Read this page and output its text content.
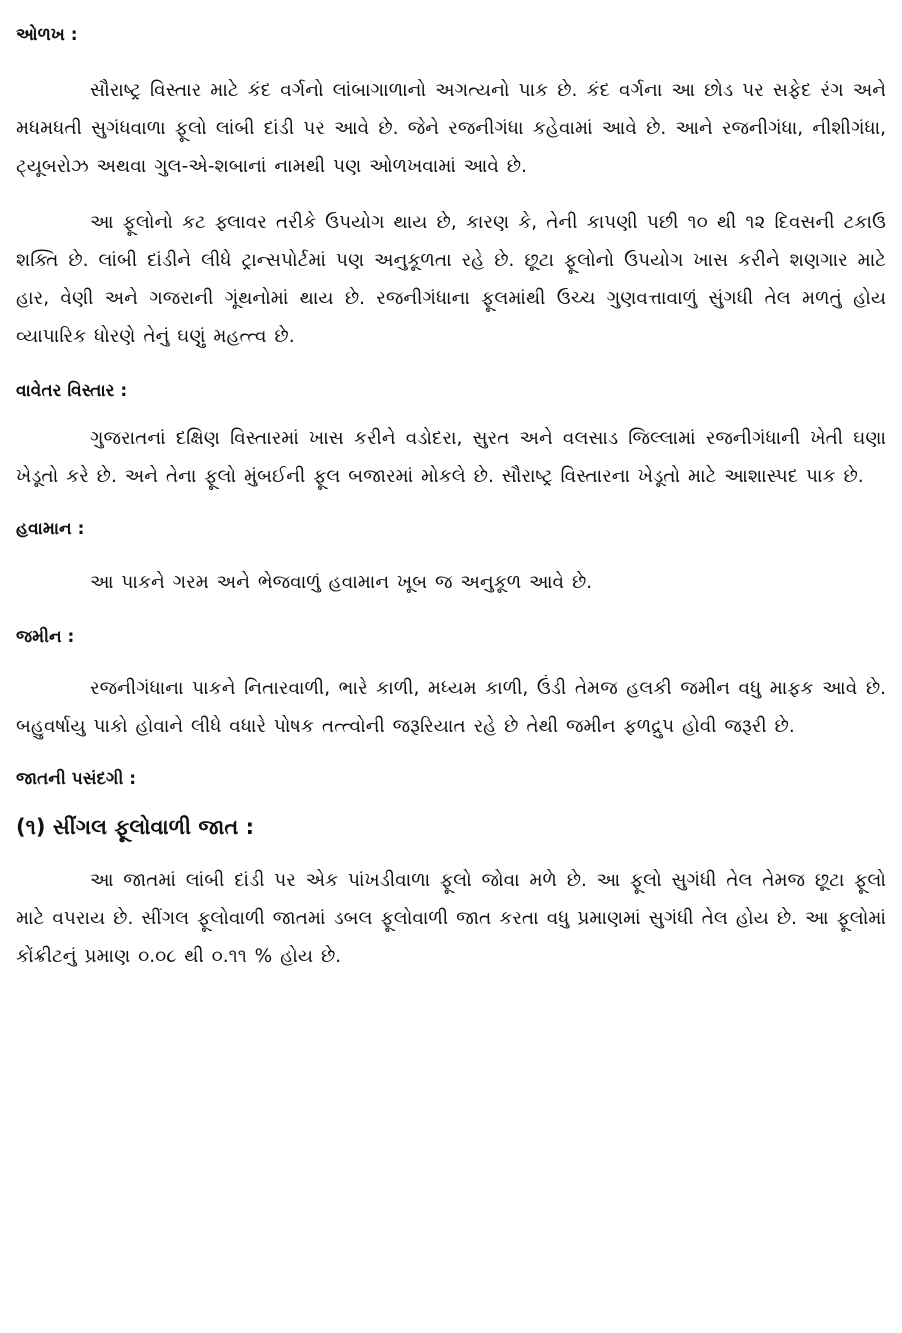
ઓળખ :

સૌરાષ્ટ્ર વિસ્તાર માટે કંદ વર્ગનો લાંબાગાળાનો અગત્યનો પાક છે. કંદ વર્ગના આ છોડ પર સફેદ રંગ અને મધમધતી સુગંધવાળા ફૂલો લાંબી દાંડી પર આવે છે. જેને રજનીગંધા કહેવામાં આવે છે. આને રજનીગંધા, નીશીગંધા, ટ્યૂબરોઝ અથવા ગુલ-એ-શબાનાં નામથી પણ ઓળખવામાં આવે છે.

આ ફૂલોનો કટ ફ્લાવર તરીકે ઉપયોગ થાય છે, કારણ કે, તેની કાપણી પછી ૧૦ થી ૧૨ દિવસની ટકાઉ શક્તિ છે. લાંબી દાંડીને લીધે ટ્રાન્સપોર્ટમાં પણ અનુકૂળતા રહે છે. છૂટા ફૂલોનો ઉપયોગ ખાસ કરીને શણગાર માટે હાર, વેણી અને ગજરાની ગૂંથનોમાં થાય છે. રજનીગંધાના ફૂલમાંથી ઉચ્ચ ગુણવત્તાવાળું સુંગધી તેલ મળતું હોય વ્યાપારિક ધોરણે તેનું ઘણું મહત્ત્વ છે.

વાવેતર વિસ્તાર :

ગુજરાતનાં દક્ષિણ વિસ્તારમાં ખાસ કરીને વડોદરા, સુરત અને વલસાડ જિલ્લામાં રજનીગંધાની ખેતી ઘણા ખેડૂતો કરે છે. અને તેના ફૂલો મુંબઈની ફૂલ બજારમાં મોકલે છે. સૌરાષ્ટ્ર વિસ્તારના ખેડૂતો માટે આશાસ્પદ પાક છે.

હવામાન :

આ પાકને ગરમ અને ભેજવાળું હવામાન ખૂબ જ અનુકૂળ આવે છે.

જમીન :

રજનીગંધાના પાકને નિતારવાળી, ભારે કાળી, મધ્યમ કાળી, ઉંડી તેમજ હલકી જમીન વધુ માફક આવે છે. બહુવર્ષાયુ પાકો હોવાને લીધે વધારે પોષક તત્ત્વોની જરૂરિયાત રહે છે તેથી જમીન ફળદ્રુપ હોવી જરૂરી છે.

જાતની પસંદગી :
(૧) સીંગલ ફૂલોવાળી જાત :

આ જાતમાં લાંબી દાંડી પર એક પાંખડીવાળા ફૂલો જોવા મળે છે. આ ફૂલો સુગંધી તેલ તેમજ છૂટા ફૂલો માટે વપરાય છે. સીંગલ ફૂલોવાળી જાતમાં ડબલ ફૂલોવાળી જાત કરતા વધુ પ્રમાણમાં સુગંધી તેલ હોય છે. આ ફૂલોમાં કોંક્રીટનું પ્રમાણ ૦.૦૮ થી ૦.૧૧ % હોય છે.
